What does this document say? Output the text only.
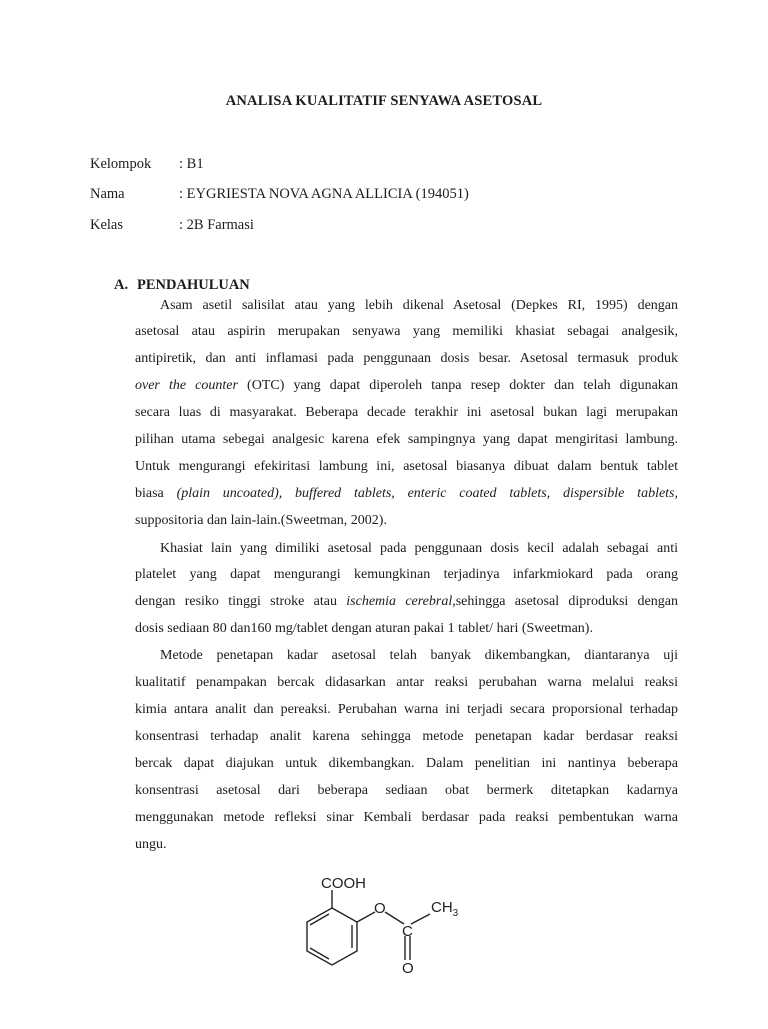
ANALISA KUALITATIF SENYAWA ASETOSAL
Kelompok : B1
Nama	: EYGRIESTA NOVA AGNA ALLICIA (194051)
Kelas	: 2B Farmasi
A. PENDAHULUAN
Asam asetil salisilat atau yang lebih dikenal Asetosal (Depkes RI, 1995) dengan
asetosal atau aspirin merupakan senyawa yang memiliki khasiat sebagai analgesik,
antipiretik, dan anti inflamasi pada penggunaan dosis besar. Asetosal termasuk produk
over the counter (OTC) yang dapat diperoleh tanpa resep dokter dan telah digunakan
secara luas di masyarakat. Beberapa decade terakhir ini asetosal bukan lagi merupakan
pilihan utama sebegai analgesic karena efek sampingnya yang dapat mengiritasi lambung.
Untuk mengurangi efekiritasi lambung ini, asetosal biasanya dibuat dalam bentuk tablet
biasa (plain uncoated), buffered tablets, enteric coated tablets, dispersible tablets,
suppositoria dan lain-lain.(Sweetman, 2002).
Khasiat lain yang dimiliki asetosal pada penggunaan dosis kecil adalah sebagai anti
platelet yang dapat mengurangi kemungkinan terjadinya infarkmiokard pada orang
dengan resiko tinggi stroke atau ischemia cerebral,sehingga asetosal diproduksi dengan
dosis sediaan 80 dan160 mg/tablet dengan aturan pakai 1 tablet/ hari (Sweetman).
Metode penetapan kadar asetosal telah banyak dikembangkan, diantaranya uji
kualitatif penampakan bercak didasarkan antar reaksi perubahan warna melalui reaksi
kimia antara analit dan pereaksi. Perubahan warna ini terjadi secara proporsional terhadap
konsentrasi terhadap analit karena sehingga metode penetapan kadar berdasar reaksi
bercak dapat diajukan untuk dikembangkan. Dalam penelitian ini nantinya beberapa
konsentrasi asetosal dari beberapa sediaan obat bermerk ditetapkan kadarnya
menggunakan metode refleksi sinar Kembali berdasar pada reaksi pembentukan warna
ungu.
COOH
O
C
$CH_3$
O
